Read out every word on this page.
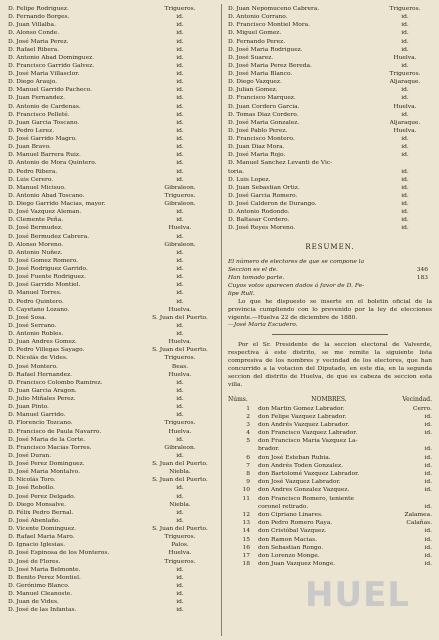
D. Felipe Rodriguez.	Trigueros.
D. Fernando Borges.	id.
D. Juan Villalba.	id.
D. Alonso Conde.	id.
D. José Maria Perez.	id.
D. Rafael Ribera.	id.
D. Antonio Abad Dominguez.	id.
D. Francisco Garrido Galvez.	id.
D. José Maria Villasclor.	id.
D. Diego Araujo.	id.
D. Manuel Garrido Pacheco.	id.
D. Juan Fernandez.	id.
D. Antonio de Cardenas.	id.
D. Francisco Pelleté.	id.
D. Juan Garcia Toscano.	id.
D. Pedro Lerez.	id.
D. José Garrido Magro.	id.
D. Juan Bravo.	id.
D. Manuel Barrera Ruiz.	id.
D. Antonio de Mora Quintero.	id.
D. Pedro Ribera.	id.
D. Luis Cerero.	id.
D. Manuel Micisuo.	Gibraleon.
D. Antonio Abad Toscano.	Trigueros.
D. Diego Garrido Macias, mayor.	Gibraleon.
D. José Vazquez Aleman.	id.
D. Clemente Peña.	id.
D. José Bermudez.	Huelva.
D. José Bermudez Cabrera.	id.
D. Alonso Moreno.	Gibraleon.
D. Antonio Nuñez.	id.
D. José Gomez Romero.	id.
D. José Rodriguez Garrido.	id.
D. José Fuente Rodriguez.	id.
D. José Garrido Montiel.	id.
D. Manuel Torres.	id.
D. Pedro Quintero.	id.
D. Cayetano Lozano.	Huelva.
D. José Sosa.	S. Juan del Puerto.
D. José Serrano.	id.
D. Antonio Robles.	id.
D. Juan Andres Gomez.	Huelva.
D. Pedro Villegas Sayago.	S. Juan del Puerto.
D. Nicolás de Vides.	Trigueros.
D. José Montero.	Beas.
D. Rafael Hernandez.	Huelva.
D. Francisco Colombo Ramirez.	id.
D. Juan Garcia Aragon.	id.
D. Julio Miñales Perez.	id.
D. Juan Pinto.	id.
D. Manuel Garrido.	id.
D. Florencio Tozcano.	Trigueros.
D. Francisco de Paula Navarro.	Huelva.
D. José Maria de la Corte.	id.
D. Francisco Macias Torres.	Gibraleon.
D. José Duran.	id.
D. José Perez Dominguez.	S. Juan del Puerto.
D. José Maria Montalvo.	Niebla.
D. Nicolás Toro.	S. Juan del Puerto.
D. José Rebollo.	id.
D. José Perez Delgado.	id.
D. Diego Monsalve.	Niebla.
D. Félix Pedro Bernal.	id.
D. José Abenlaño.	id.
D. Vicente Dominguez.	S. Juan del Puerto.
D. Rafael Maria Maro.	Trigueros.
D. Ignacio Iglesias.	Palos.
D. José Espinosa de los Monteros.	Huelva.
D. José de Flores.	Trigueros.
D. José Maria Belmonte.	id.
D. Benito Perez Montiel.	id.
D. Gerónimo Blanco.	id.
D. Manuel Cleanoste.	id.
D. Juan de Vides.	id.
D. José de las Infantas.	id.
D. Juan Nepomuceno Cabrera.	Trigueros.
D. Antonio Corrano.	id.
D. Francisco Montiel Mora.	id.
D. Miguel Gomez.	id.
D. Fernando Perez.	id.
D. José Maria Rodriguez.	id.
D. José Suarez.	Huelva.
D. José Maria Perez Bereda.	id.
D. José Maria Blanco.	Trigueros.
D. Diego Vazquez.	Aljaraque.
D. Julian Gomez.	id.
D. Francisco Marquez.	id.
D. Juan Cordero Garcia.	Huelva.
D. Tomas Diaz Cordero.	id.
D. José Maria Gonzalez.	Aljaraque.
D. José Pablo Perez.	Huelva.
D. Francisco Montero.	id.
D. Juan Diaz Mora.	id.
D. José Maria Rojo.	id.
D. Manuel Sanchez Levanti de Vic-
toria.	id.
D. Luis Lopez.	id.
D. Juan Sebastian Ortiz.	id.
D. José Garcia Romero.	id.
D. José Calderon de Durango.	id.
D. Antonio Rodondo.	id.
D. Baltasar Cordero.	id.
D. José Reyes Moreno.	id.
RESUMEN.
El número de electores de que se compone la
Seccion es el de.	346
Han tomado parte.	183
Cuyos votos aparecen dados á favor de D. Fe-
lipe Rull.

Lo que he dispuesto se inserte en el boletin oficial de la provincia cumpliendo con lo prevenido por la ley de elecciones vigente.—Huelva 22 de diciembre de 1880.

—José Maria Escudero.

Por el Sr. Presidente de la seccion electoral de Valverde, respectiva á este distrito, se me remite la siguiente lista compresiva de los nombres y vecindad de los electores, que han concurrido a la votacion del Diputado, en este dia, en la segunda seccion del distrito de Huelva, de que es cabeza de seccion esta villa.

Núms.	NOMBRES.	Vecindad.
1	don Martin Gomez Labrador.	Cerro.
2	don Felipe Vazquez Labrador.	id.
3	don Andrés Vazquez Labrador.	id.
4	don Francisco Vazquez Labrador.	id.
5	don Francisco Maria Vazquez La-
brador.	id.
6	don José Esteban Rubia.	id.
7	don Andrés Toden Gonzalez.	id.
8	don Bartolomé Vazquez Labrador.	id.
9	don José Vazquez Labrador.	id.
10	don Andres Gonzalez Vazquez.	id.
11	don Francisco Romero, teniente
coronel retirado.	id.
12	don Cipriano Linares.	Zalamea.
13	don Pedro Romero Raya.	Calañas.
14	don Cristóbal Vazquez.	id.
15	don Ramon Macias.	id.
16	don Sebastian Rongo.	id.
17	don Lorenzo Monge.	id.
18	don Juan Vazquez Monge.	id.
HUEL
